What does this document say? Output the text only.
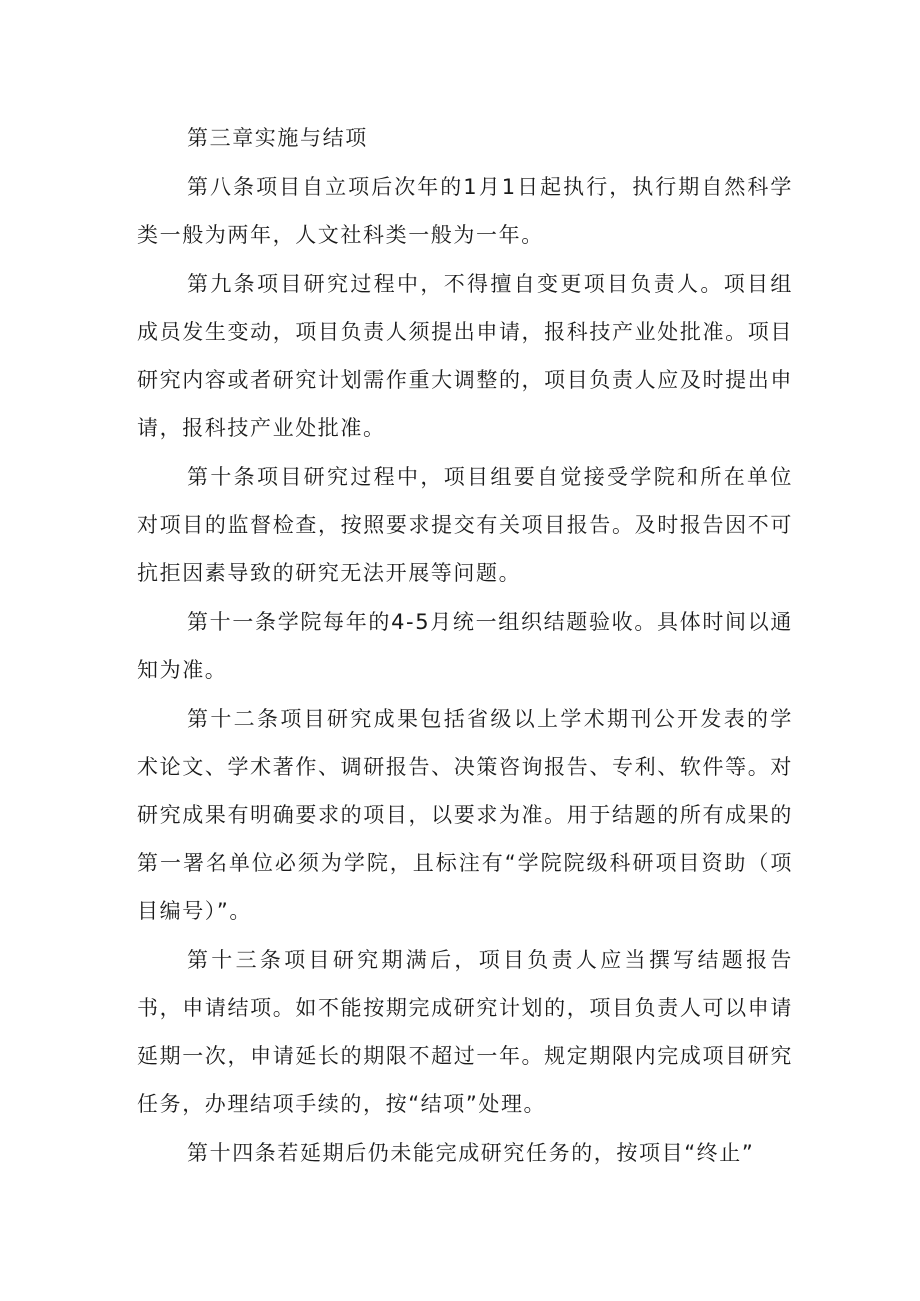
第三章实施与结项

第八条项目自立项后次年的1月1日起执行，执行期自然科学类一般为两年，人文社科类一般为一年。

第九条项目研究过程中，不得擅自变更项目负责人。项目组成员发生变动，项目负责人须提出申请，报科技产业处批准。项目研究内容或者研究计划需作重大调整的，项目负责人应及时提出申请，报科技产业处批准。

第十条项目研究过程中，项目组要自觉接受学院和所在单位对项目的监督检查，按照要求提交有关项目报告。及时报告因不可抗拒因素导致的研究无法开展等问题。

第十一条学院每年的4-5月统一组织结题验收。具体时间以通知为准。

第十二条项目研究成果包括省级以上学术期刊公开发表的学术论文、学术著作、调研报告、决策咨询报告、专利、软件等。对研究成果有明确要求的项目，以要求为准。用于结题的所有成果的第一署名单位必须为学院，且标注有“学院院级科研项目资助（项目编号）”。

第十三条项目研究期满后，项目负责人应当撰写结题报告书，申请结项。如不能按期完成研究计划的，项目负责人可以申请延期一次，申请延长的期限不超过一年。规定期限内完成项目研究任务，办理结项手续的，按“结项”处理。

第十四条若延期后仍未能完成研究任务的，按项目“终止”
